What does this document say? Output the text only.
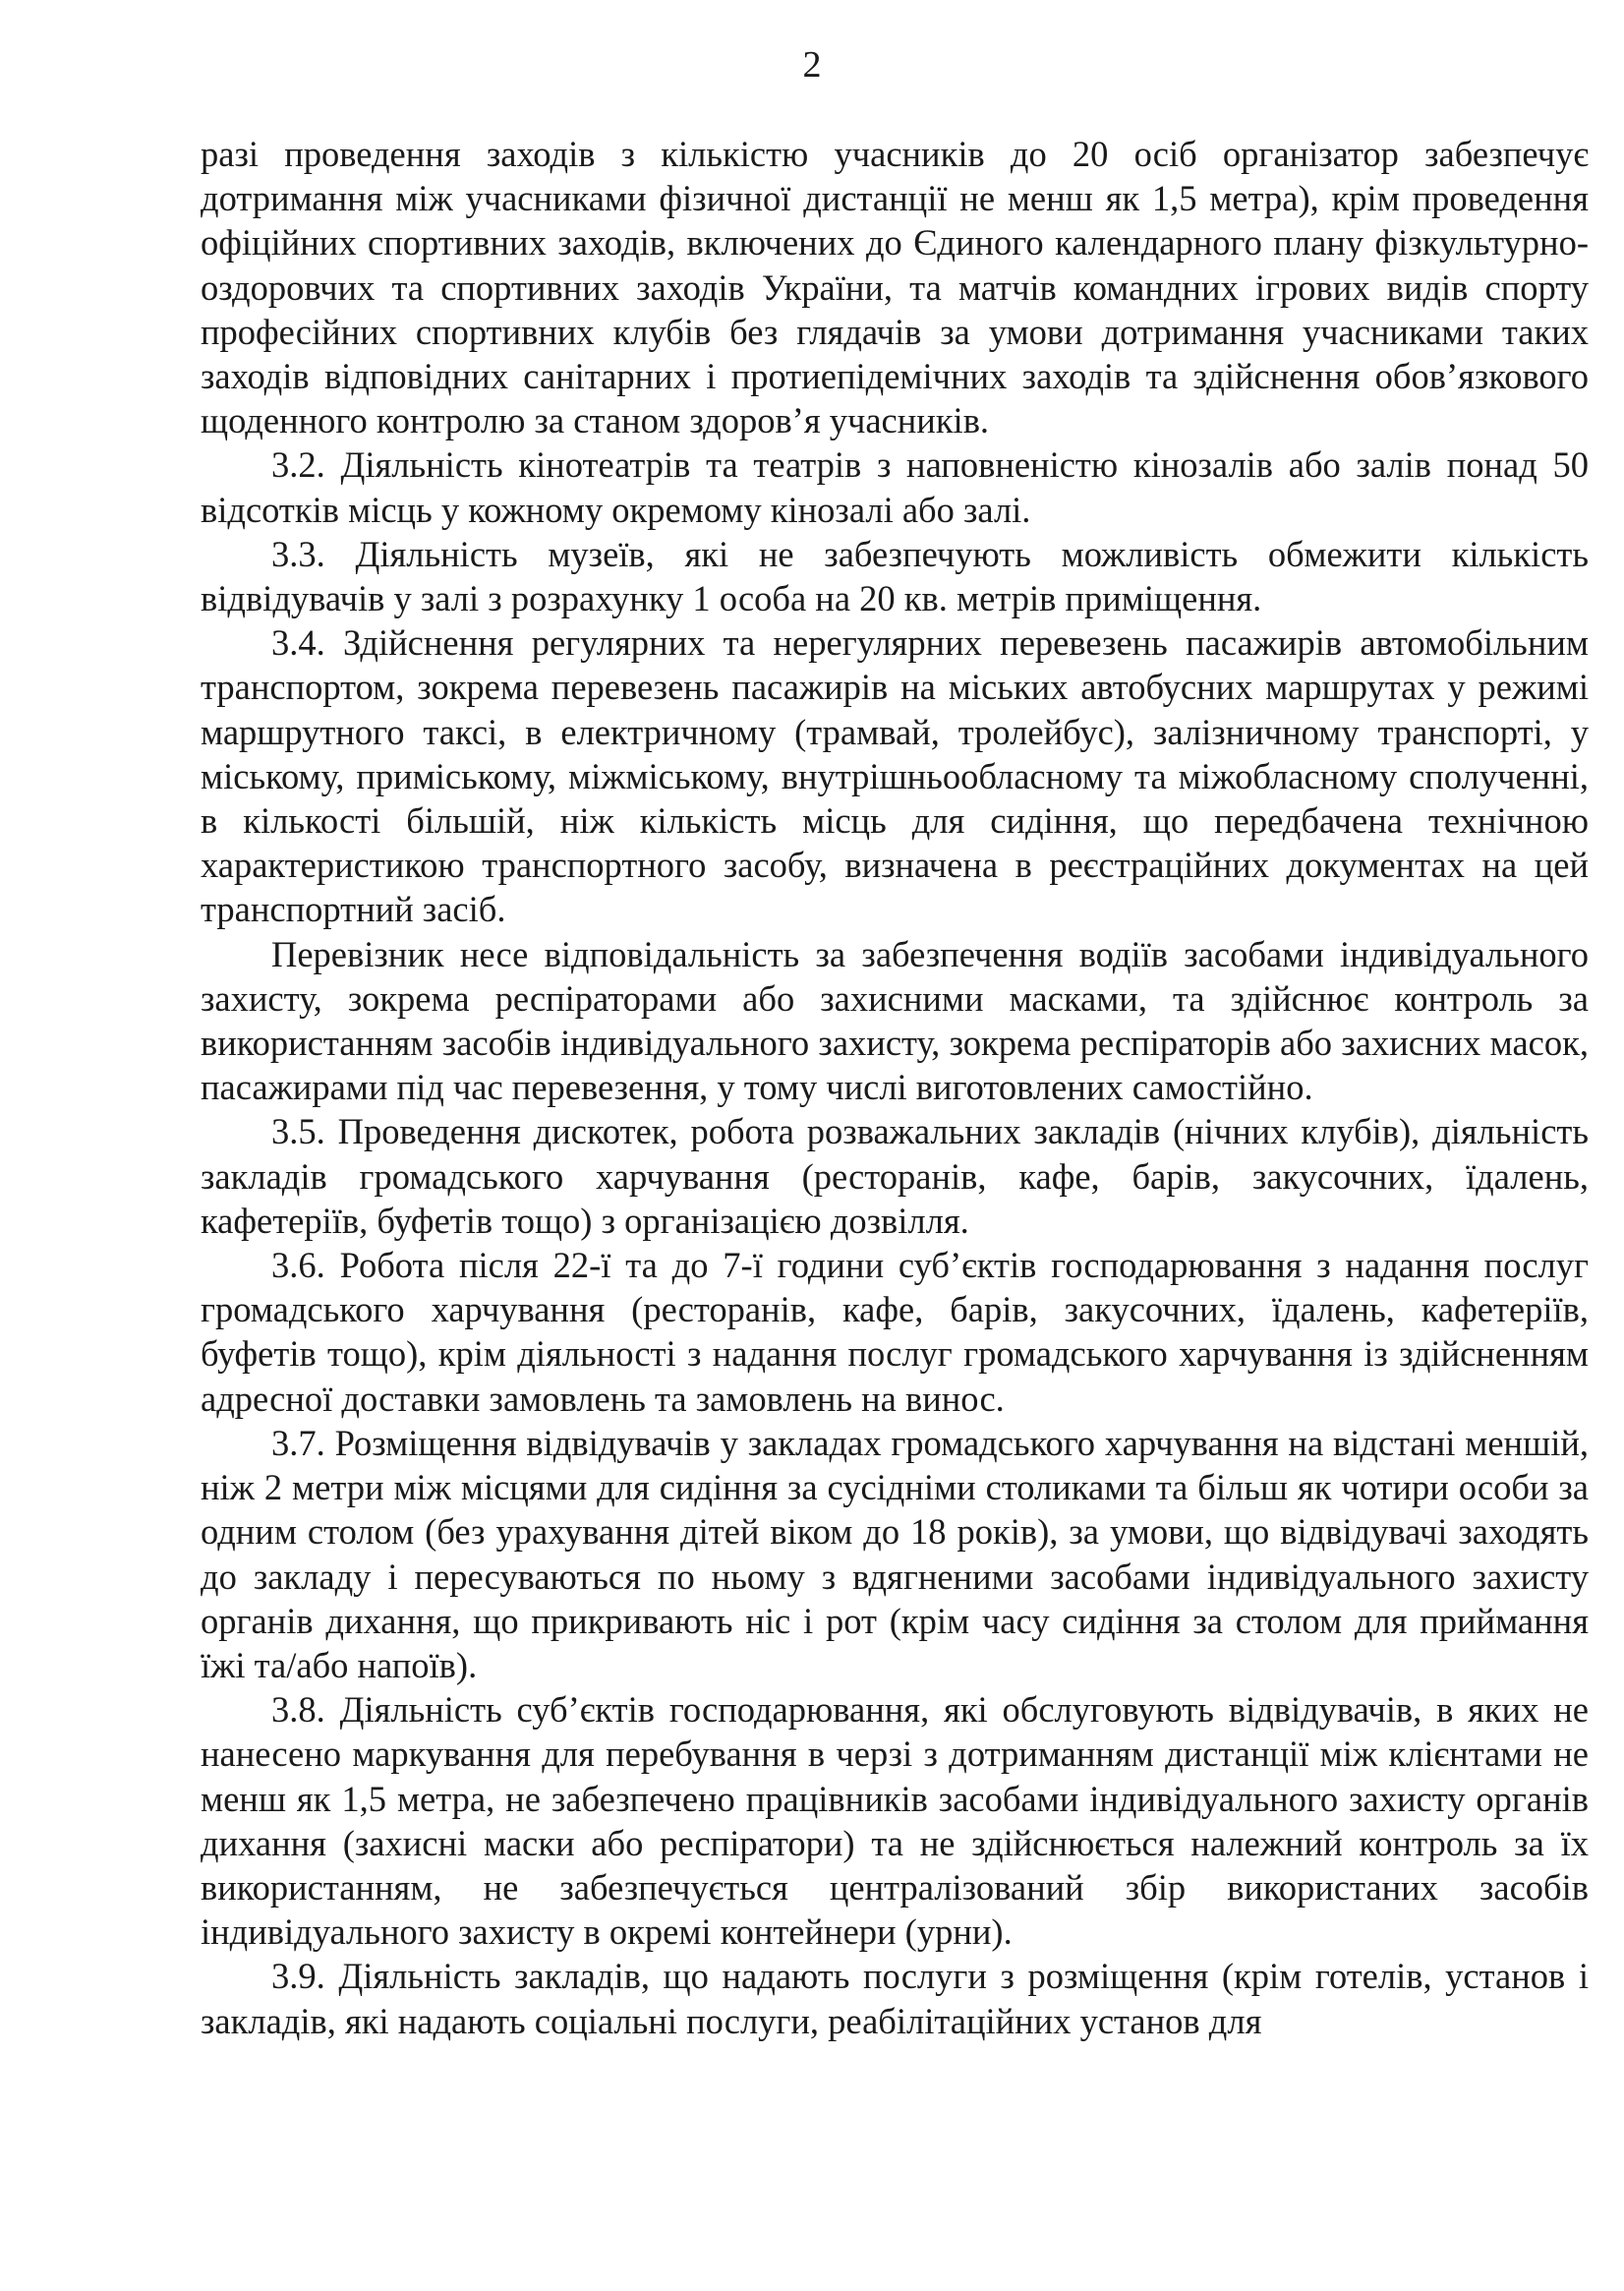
2

разі проведення заходів з кількістю учасників до 20 осіб організатор забезпечує дотримання між учасниками фізичної дистанції не менш як 1,5 метра), крім проведення офіційних спортивних заходів, включених до Єдиного календарного плану фізкультурно-оздоровчих та спортивних заходів України, та матчів командних ігрових видів спорту професійних спортивних клубів без глядачів за умови дотримання учасниками таких заходів відповідних санітарних і протиепідемічних заходів та здійснення обов’язкового щоденного контролю за станом здоров’я учасників.

3.2. Діяльність кінотеатрів та театрів з наповненістю кінозалів або залів понад 50 відсотків місць у кожному окремому кінозалі або залі.

3.3. Діяльність музеїв, які не забезпечують можливість обмежити кількість відвідувачів у залі з розрахунку 1 особа на 20 кв. метрів приміщення.

3.4. Здійснення регулярних та нерегулярних перевезень пасажирів автомобільним транспортом, зокрема перевезень пасажирів на міських автобусних маршрутах у режимі маршрутного таксі, в електричному (трамвай, тролейбус), залізничному транспорті, у міському, приміському, міжміському, внутрішньообласному та міжобласному сполученні, в кількості більшій, ніж кількість місць для сидіння, що передбачена технічною характеристикою транспортного засобу, визначена в реєстраційних документах на цей транспортний засіб.

Перевізник несе відповідальність за забезпечення водіїв засобами індивідуального захисту, зокрема респіраторами або захисними масками, та здійснює контроль за використанням засобів індивідуального захисту, зокрема респіраторів або захисних масок, пасажирами під час перевезення, у тому числі виготовлених самостійно.

3.5. Проведення дискотек, робота розважальних закладів (нічних клубів), діяльність закладів громадського харчування (ресторанів, кафе, барів, закусочних, їдалень, кафетеріїв, буфетів тощо) з організацією дозвілля.

3.6. Робота після 22-ї та до 7-ї години суб’єктів господарювання з надання послуг громадського харчування (ресторанів, кафе, барів, закусочних, їдалень, кафетеріїв, буфетів тощо), крім діяльності з надання послуг громадського харчування із здійсненням адресної доставки замовлень та замовлень на винос.

3.7. Розміщення відвідувачів у закладах громадського харчування на відстані меншій, ніж 2 метри між місцями для сидіння за сусідніми столиками та більш як чотири особи за одним столом (без урахування дітей віком до 18 років), за умови, що відвідувачі заходять до закладу і пересуваються по ньому з вдягненими засобами індивідуального захисту органів дихання, що прикривають ніс і рот (крім часу сидіння за столом для приймання їжі та/або напоїв).

3.8. Діяльність суб’єктів господарювання, які обслуговують відвідувачів, в яких не нанесено маркування для перебування в черзі з дотриманням дистанції між клієнтами не менш як 1,5 метра, не забезпечено працівників засобами індивідуального захисту органів дихання (захисні маски або респіратори) та не здійснюється належний контроль за їх використанням, не забезпечується централізований збір використаних засобів індивідуального захисту в окремі контейнери (урни).

3.9. Діяльність закладів, що надають послуги з розміщення (крім готелів, установ і закладів, які надають соціальні послуги, реабілітаційних установ для
